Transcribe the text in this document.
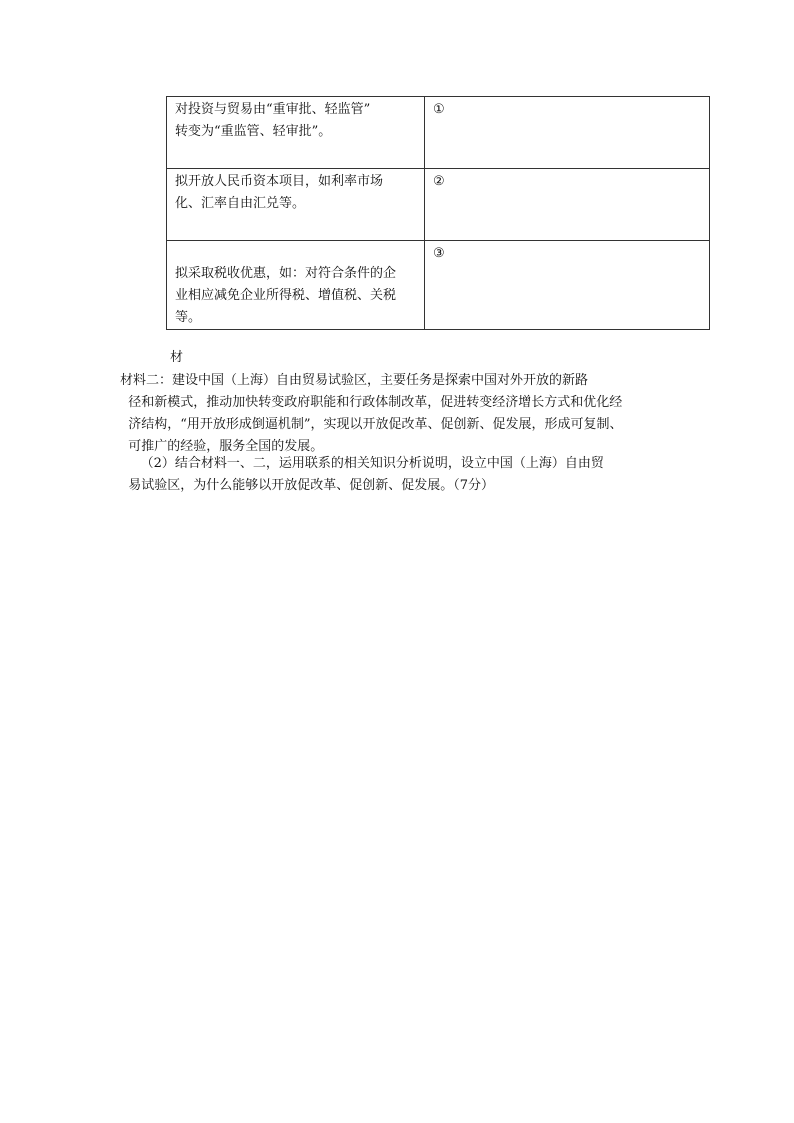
对投资与贸易由“重审批、轻监管”
转变为“重监管、轻审批”。	①

拟开放人民币资本项目，如利率市场
化、汇率自由汇兑等。	②

拟采取税收优惠，如：对符合条件的企
业相应减免企业所得税、增值税、关税
等。	③
材
材料二：建设中国（上海）自由贸易试验区，主要任务是探索中国对外开放的新路
径和新模式，推动加快转变政府职能和行政体制改革，促进转变经济增长方式和优化经
济结构，“用开放形成倒逼机制”，实现以开放促改革、促创新、促发展，形成可复制、
可推广的经验，服务全国的发展。
（2）结合材料一、二，运用联系的相关知识分析说明，设立中国（上海）自由贸
易试验区，为什么能够以开放促改革、促创新、促发展。（7分）
